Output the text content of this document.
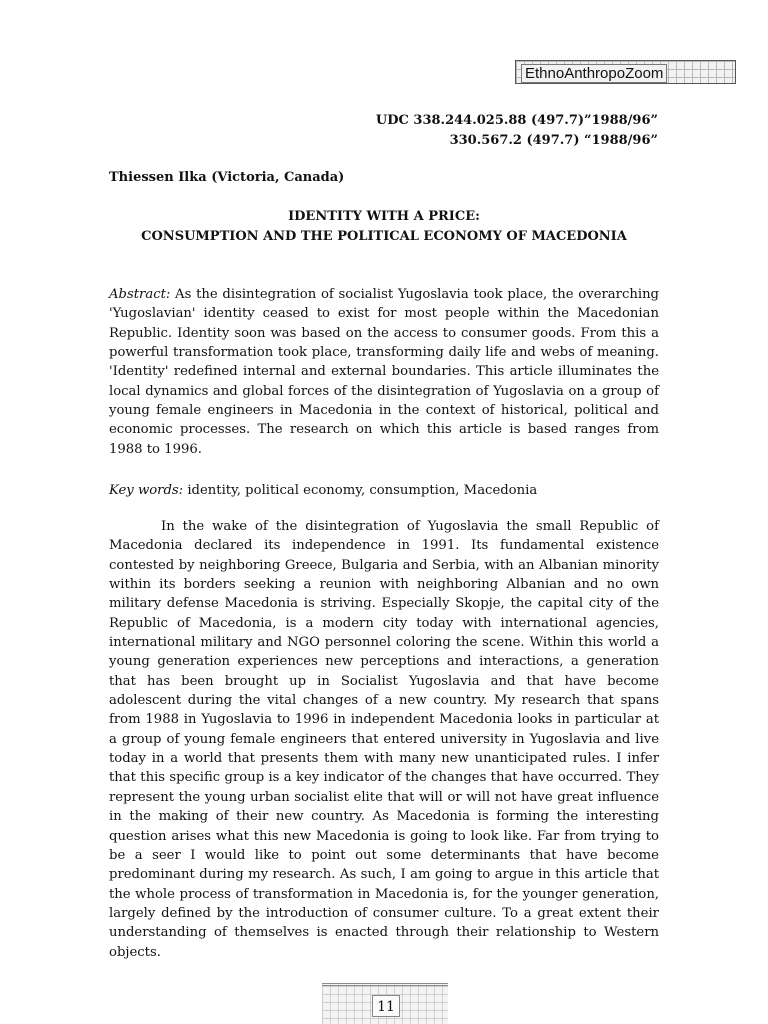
EthnoAnthropoZoom
UDC 338.244.025.88 (497.7)”1988/96”
330.567.2 (497.7) “1988/96”
Thiessen Ilka (Victoria, Canada)
IDENTITY WITH A PRICE:
CONSUMPTION AND THE POLITICAL ECONOMY OF MACEDONIA
Abstract: As the disintegration of socialist Yugoslavia took place, the overarching 'Yugoslavian' identity ceased to exist for most people within the Macedonian Republic. Identity soon was based on the access to consumer goods. From this a powerful transformation took place, transforming daily life and webs of meaning. 'Identity' redefined internal and external boundaries. This article illuminates the local dynamics and global forces of the disintegration of Yugoslavia on a group of young female engineers in Macedonia in the context of historical, political and economic processes. The research on which this article is based ranges from 1988 to 1996.
Key words: identity, political economy, consumption, Macedonia
In the wake of the disintegration of Yugoslavia the small Republic of Macedonia declared its independence in 1991. Its fundamental existence contested by neighboring Greece, Bulgaria and Serbia, with an Albanian minority within its borders seeking a reunion with neighboring Albanian and no own military defense Macedonia is striving. Especially Skopje, the capital city of the Republic of Macedonia, is a modern city today with international agencies, international military and NGO personnel coloring the scene. Within this world a young generation experiences new perceptions and interactions, a generation that has been brought up in Socialist Yugoslavia and that have become adolescent during the vital changes of a new country. My research that spans from 1988 in Yugoslavia to 1996 in independent Macedonia looks in particular at a group of young female engineers that entered university in Yugoslavia and live today in a world that presents them with many new unanticipated rules. I infer that this specific group is a key indicator of the changes that have occurred. They represent the young urban socialist elite that will or will not have great influence in the making of their new country. As Macedonia is forming the interesting question arises what this new Macedonia is going to look like. Far from trying to be a seer I would like to point out some determinants that have become predominant during my research. As such, I am going to argue in this article that the whole process of transformation in Macedonia is, for the younger generation, largely defined by the introduction of consumer culture. To a great extent their understanding of themselves is enacted through their relationship to Western objects.
11
